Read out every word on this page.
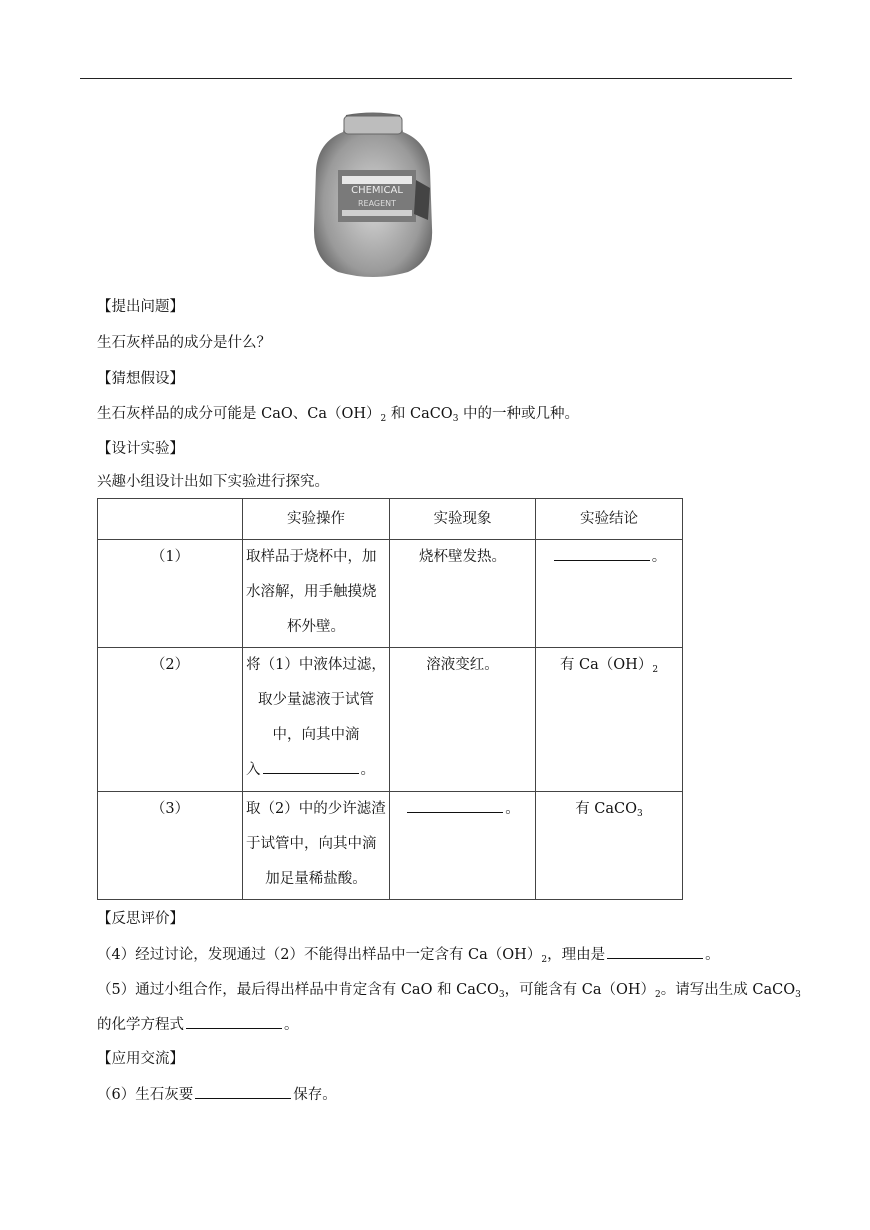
CHEMICAL
REAGENT
【提出问题】
生石灰样品的成分是什么？
【猜想假设】
生石灰样品的成分可能是 CaO、$Ca(OH)_2$ 和 CaCO$_3$ 中的一种或几种。
【设计实验】
兴趣小组设计出如下实验进行探究。
	实验操作	实验现象	实验结论
（1）	取样品于烧杯中，加
水溶解，用手触摸烧
杯外壁。	烧杯壁发热。	。
（2）	将（1）中液体过滤，
取少量滤液于试管
中，向其中滴
入 。	溶液变红。	有 $Ca(OH)_2$
（3）	取（2）中的少许滤渣
于试管中，向其中滴
加足量稀盐酸。	。	有 CaCO$_3$
【反思评价】
（4）经过讨论，发现通过（2）不能得出样品中一定含有 $Ca(OH)_2$，理由是	。
（5）通过小组合作，最后得出样品中肯定含有 CaO 和 CaCO$_3$，可能含有 $Ca(OH)_2$。请写出生成 CaCO$_3$
的化学方程式	。
【应用交流】
（6）生石灰要	保存。
